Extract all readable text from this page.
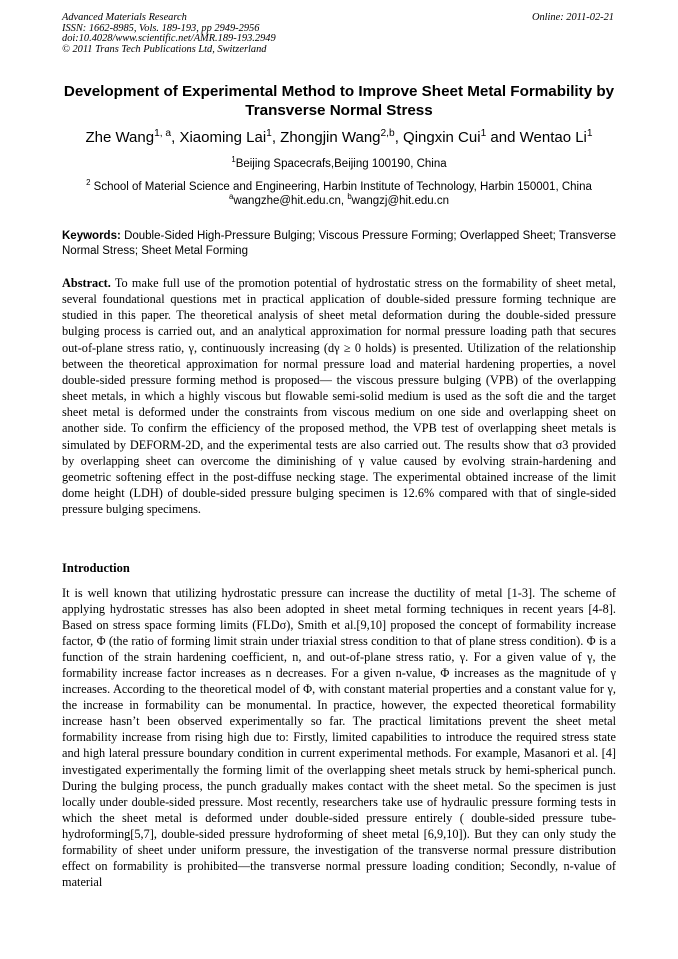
Advanced Materials Research
ISSN: 1662-8985, Vols. 189-193, pp 2949-2956
doi:10.4028/www.scientific.net/AMR.189-193.2949
© 2011 Trans Tech Publications Ltd, Switzerland
Online: 2011-02-21
Development of Experimental Method to Improve Sheet Metal Formability by Transverse Normal Stress
Zhe Wang$^{1, a}$, Xiaoming Lai$^1$, Zhongjin Wang$^{2,b}$, Qingxin Cui$^1$ and Wentao Li$^1$
$^1$Beijing Spacecrafs,Beijing 100190, China
$^2$ School of Material Science and Engineering, Harbin Institute of Technology, Harbin 150001, China
$^a$wangzhe@hit.edu.cn, $^b$wangzj@hit.edu.cn
Keywords: Double-Sided High-Pressure Bulging; Viscous Pressure Forming; Overlapped Sheet; Transverse Normal Stress; Sheet Metal Forming

Abstract. To make full use of the promotion potential of hydrostatic stress on the formability of sheet metal, several foundational questions met in practical application of double-sided pressure forming technique are studied in this paper. The theoretical analysis of sheet metal deformation during the double-sided pressure bulging process is carried out, and an analytical approximation for normal pressure loading path that secures out-of-plane stress ratio, γ, continuously increasing (dγ ≥ 0 holds) is presented. Utilization of the relationship between the theoretical approximation for normal pressure load and material hardening properties, a novel double-sided pressure forming method is proposed— the viscous pressure bulging (VPB) of the overlapping sheet metals, in which a highly viscous but flowable semi-solid medium is used as the soft die and the target sheet metal is deformed under the constraints from viscous medium on one side and overlapping sheet on another side. To confirm the efficiency of the proposed method, the VPB test of overlapping sheet metals is simulated by DEFORM-2D, and the experimental tests are also carried out. The results show that σ3 provided by overlapping sheet can overcome the diminishing of γ value caused by evolving strain-hardening and geometric softening effect in the post-diffuse necking stage. The experimental obtained increase of the limit dome height (LDH) of double-sided pressure bulging specimen is 12.6% compared with that of single-sided pressure bulging specimens.

Introduction

It is well known that utilizing hydrostatic pressure can increase the ductility of metal [1-3]. The scheme of applying hydrostatic stresses has also been adopted in sheet metal forming techniques in recent years [4-8]. Based on stress space forming limits (FLDσ), Smith et al.[9,10] proposed the concept of formability increase factor, Φ (the ratio of forming limit strain under triaxial stress condition to that of plane stress condition). Φ is a function of the strain hardening coefficient, n, and out-of-plane stress ratio, γ. For a given value of γ, the formability increase factor increases as n decreases. For a given n-value, Φ increases as the magnitude of γ increases. According to the theoretical model of Φ, with constant material properties and a constant value for γ, the increase in formability can be monumental. In practice, however, the expected theoretical formability increase hasn’t been observed experimentally so far. The practical limitations prevent the sheet metal formability increase from rising high due to: Firstly, limited capabilities to introduce the required stress state and high lateral pressure boundary condition in current experimental methods. For example, Masanori et al. [4] investigated experimentally the forming limit of the overlapping sheet metals struck by hemi-spherical punch. During the bulging process, the punch gradually makes contact with the sheet metal. So the specimen is just locally under double-sided pressure. Most recently, researchers take use of hydraulic pressure forming tests in which the sheet metal is deformed under double-sided pressure entirely ( double-sided pressure tube-hydroforming[5,7], double-sided pressure hydroforming of sheet metal [6,9,10]). But they can only study the formability of sheet under uniform pressure, the investigation of the transverse normal pressure distribution effect on formability is prohibited—the transverse normal pressure loading condition; Secondly, n-value of material
